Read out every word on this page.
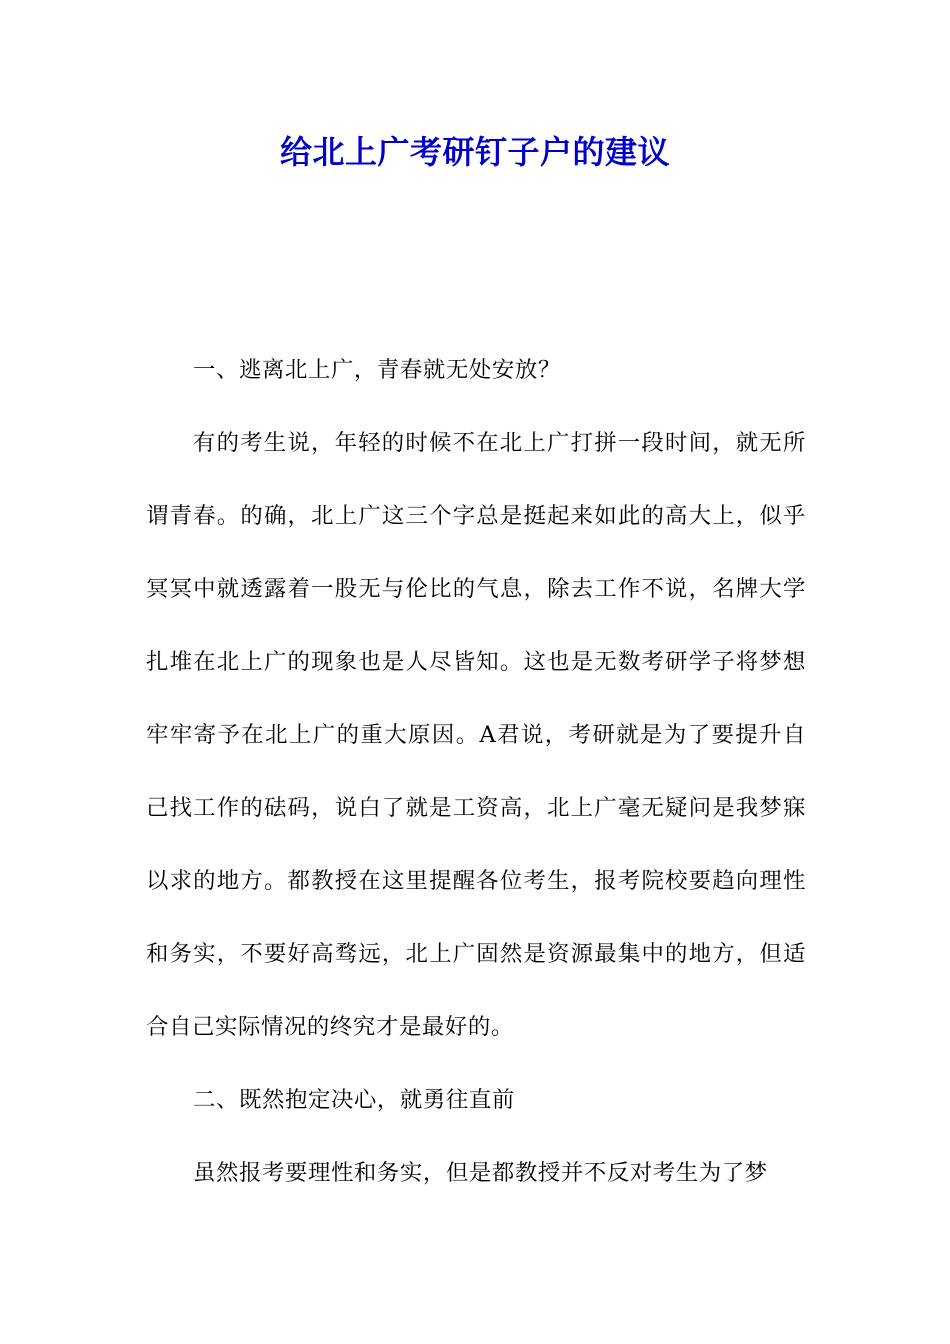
给北上广考研钉子户的建议

一、逃离北上广，青春就无处安放？

有的考生说，年轻的时候不在北上广打拼一段时间，就无所谓青春。的确，北上广这三个字总是挺起来如此的高大上，似乎冥冥中就透露着一股无与伦比的气息，除去工作不说，名牌大学扎堆在北上广的现象也是人尽皆知。这也是无数考研学子将梦想牢牢寄予在北上广的重大原因。A君说，考研就是为了要提升自己找工作的砝码，说白了就是工资高，北上广毫无疑问是我梦寐以求的地方。都教授在这里提醒各位考生，报考院校要趋向理性和务实，不要好高骛远，北上广固然是资源最集中的地方，但适合自己实际情况的终究才是最好的。

二、既然抱定决心，就勇往直前

虽然报考要理性和务实，但是都教授并不反对考生为了梦
